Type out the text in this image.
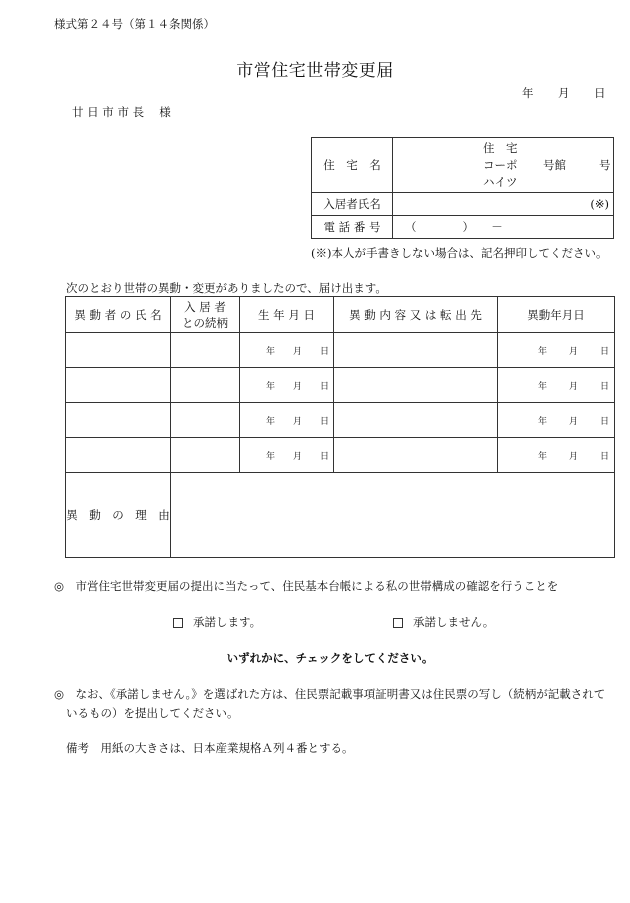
様式第２４号（第１４条関係）
市営住宅世帯変更届
年 月 日
廿 日 市 市 長　 様
住　宅　名	住　宅
コーポ
ハイツ
号館 号

入居者氏名	(※)
電 話 番 号	（　　　　）　　－
(※)本人が手書きしない場合は、記名押印してください。
次のとおり世帯の異動・変更がありましたので、届け出ます。
異 動 者 の 氏 名	入 居 者
との続柄	生 年 月 日	異 動 内 容 又 は 転 出 先	異動年月日
		年 月 日		年 月 日
		年 月 日		年 月 日
		年 月 日		年 月 日
		年 月 日		年 月 日
異　動　の　理　由				
◎　市営住宅世帯変更届の提出に当たって、住民基本台帳による私の世帯構成の確認を行うことを
承諾します。	承諾しません。
いずれかに、チェックをしてください。
◎　なお、《承諾しません。》を選ばれた方は、住民票記載事項証明書又は住民票の写し（続柄が記載されて
いるもの）を提出してください。
備考　用紙の大きさは、日本産業規格Ａ列４番とする。
